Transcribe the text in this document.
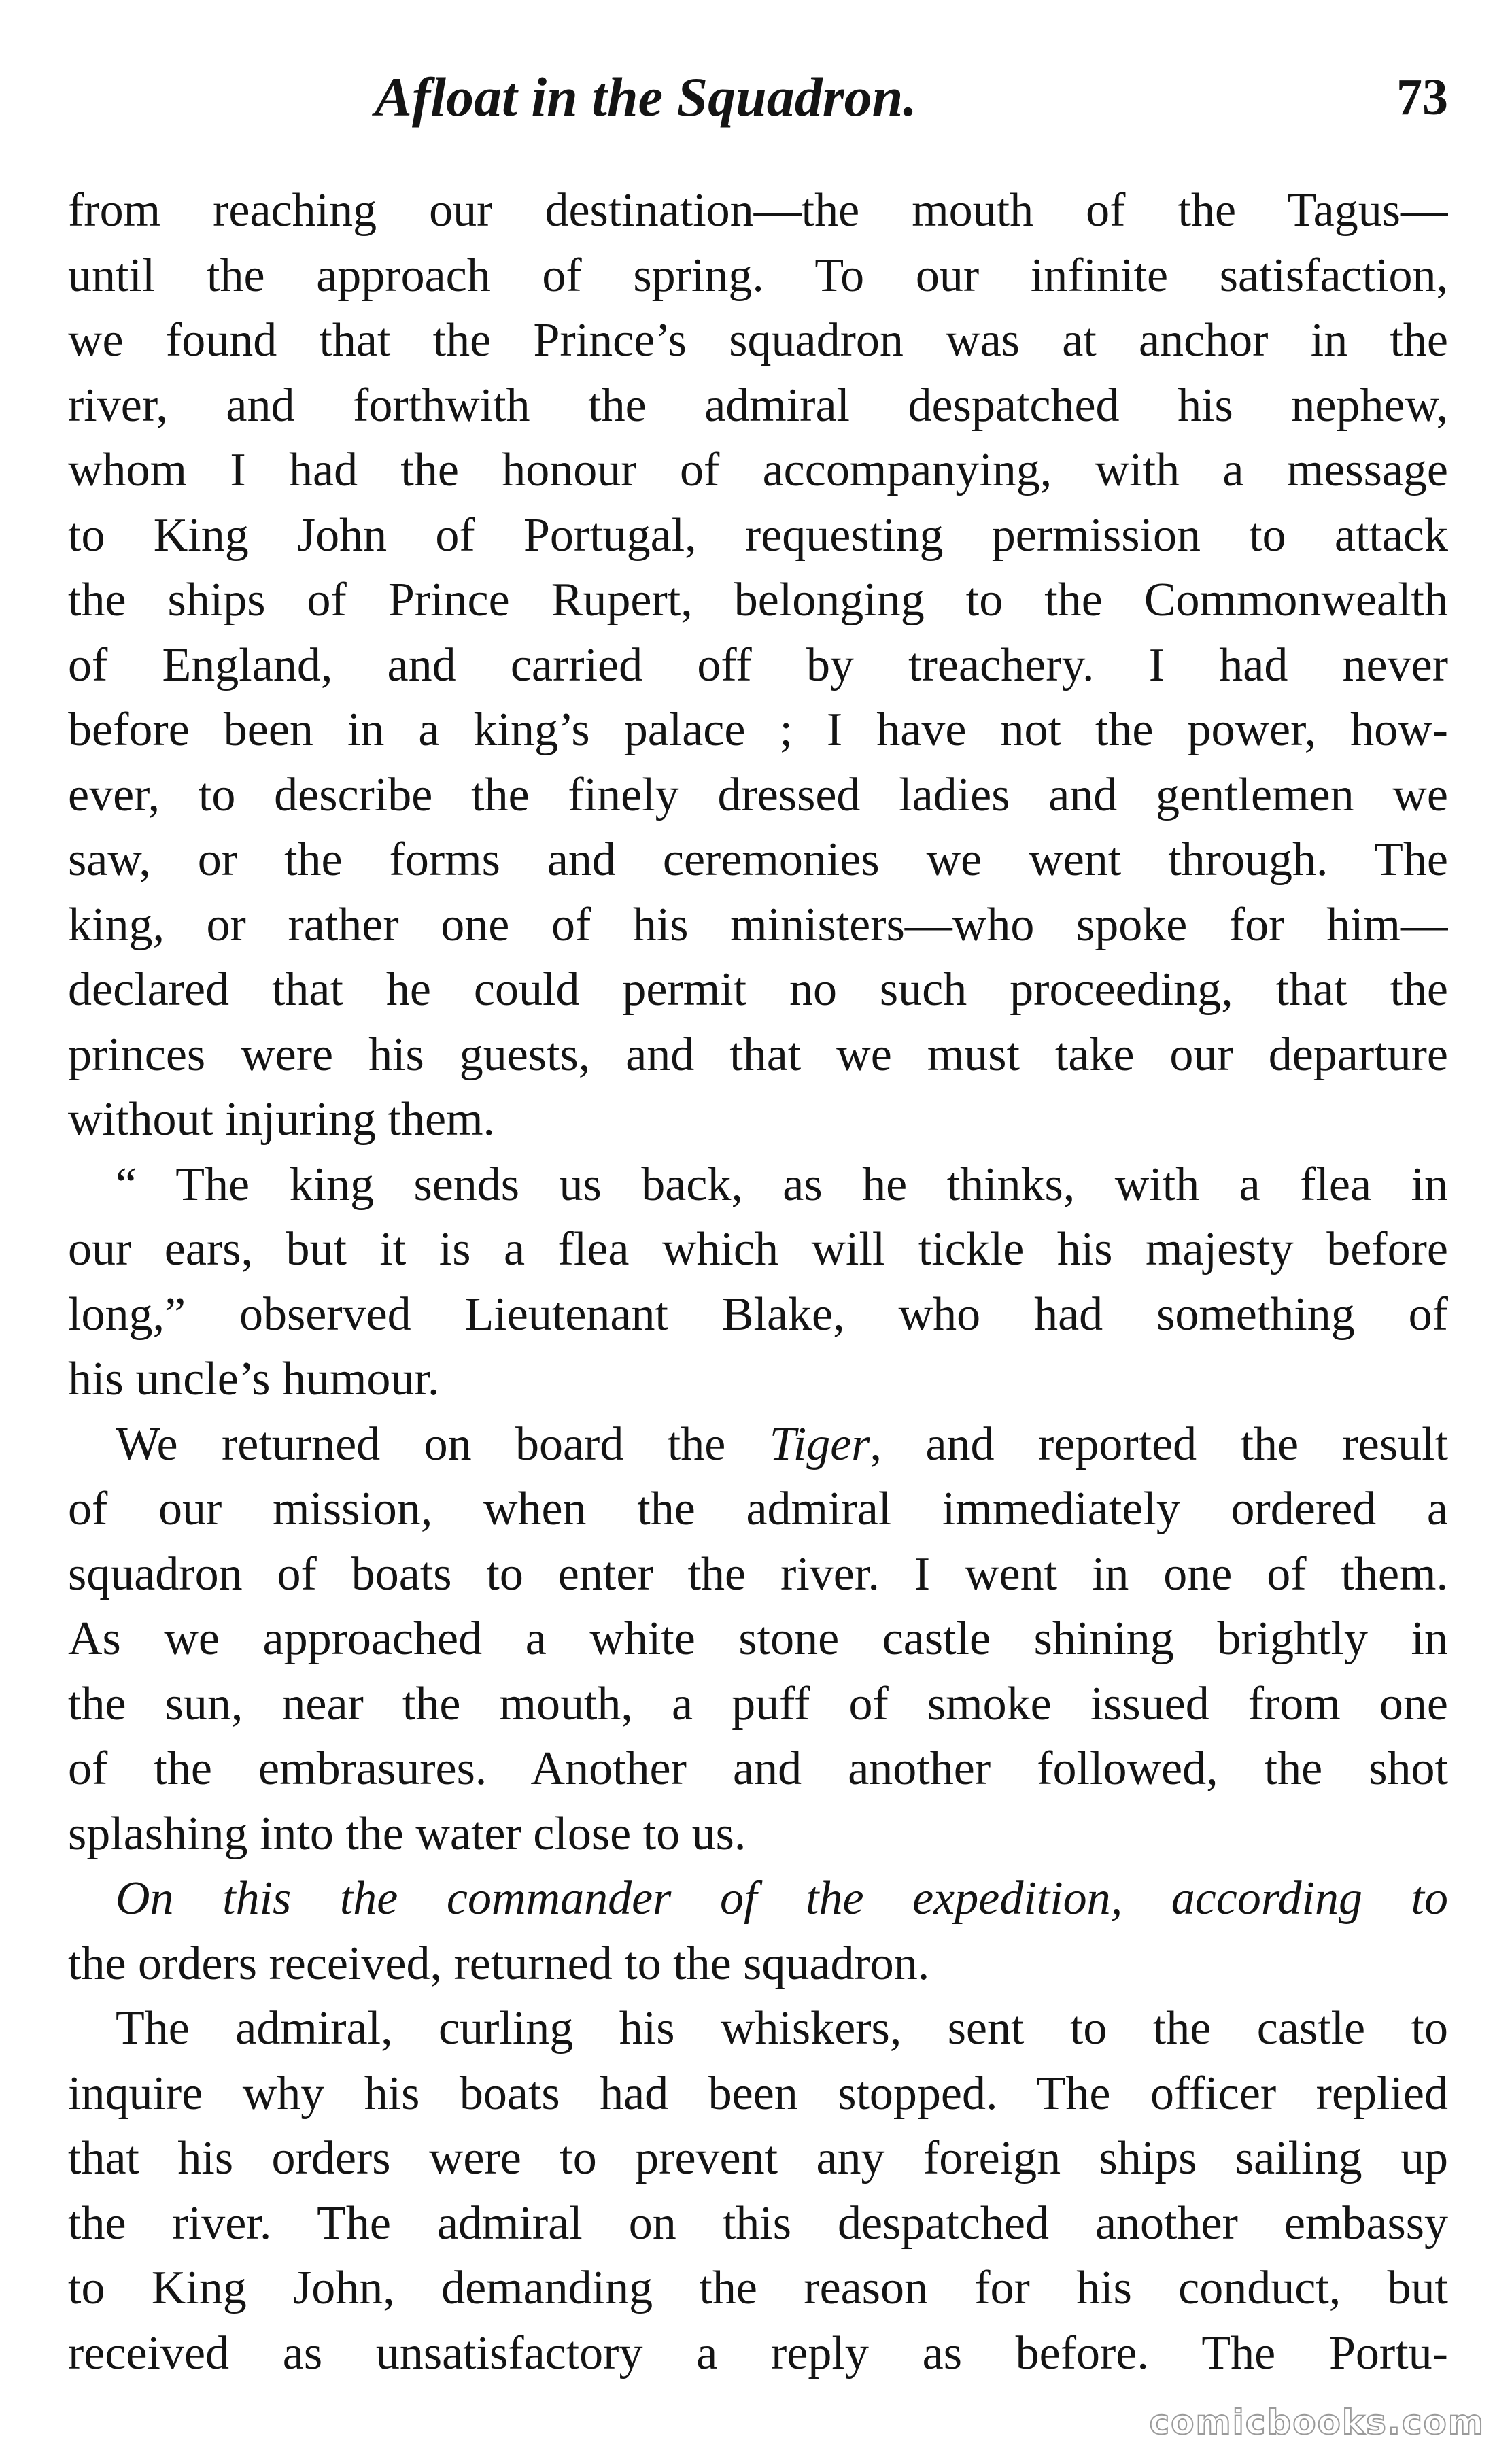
Afloat in the Squadron.	73
from reaching our destination—the mouth of the Tagus—
until the approach of spring. To our infinite satisfaction,
we found that the Prince’s squadron was at anchor in the
river, and forthwith the admiral despatched his nephew,
whom I had the honour of accompanying, with a message
to King John of Portugal, requesting permission to attack
the ships of Prince Rupert, belonging to the Commonwealth
of England, and carried off by treachery. I had never
before been in a king’s palace ; I have not the power, how-
ever, to describe the finely dressed ladies and gentlemen we
saw, or the forms and ceremonies we went through. The
king, or rather one of his ministers—who spoke for him—
declared that he could permit no such proceeding, that the
princes were his guests, and that we must take our departure
without injuring them.
“ The king sends us back, as he thinks, with a flea in
our ears, but it is a flea which will tickle his majesty before
long,” observed Lieutenant Blake, who had something of
his uncle’s humour.
We returned on board the Tiger, and reported the result
of our mission, when the admiral immediately ordered a
squadron of boats to enter the river. I went in one of them.
As we approached a white stone castle shining brightly in
the sun, near the mouth, a puff of smoke issued from one
of the embrasures. Another and another followed, the shot
splashing into the water close to us.
On this the commander of the expedition, according to
the orders received, returned to the squadron.
The admiral, curling his whiskers, sent to the castle to
inquire why his boats had been stopped. The officer replied
that his orders were to prevent any foreign ships sailing up
the river. The admiral on this despatched another embassy
to King John, demanding the reason for his conduct, but
received as unsatisfactory a reply as before. The Portu-
comicbooks.com
